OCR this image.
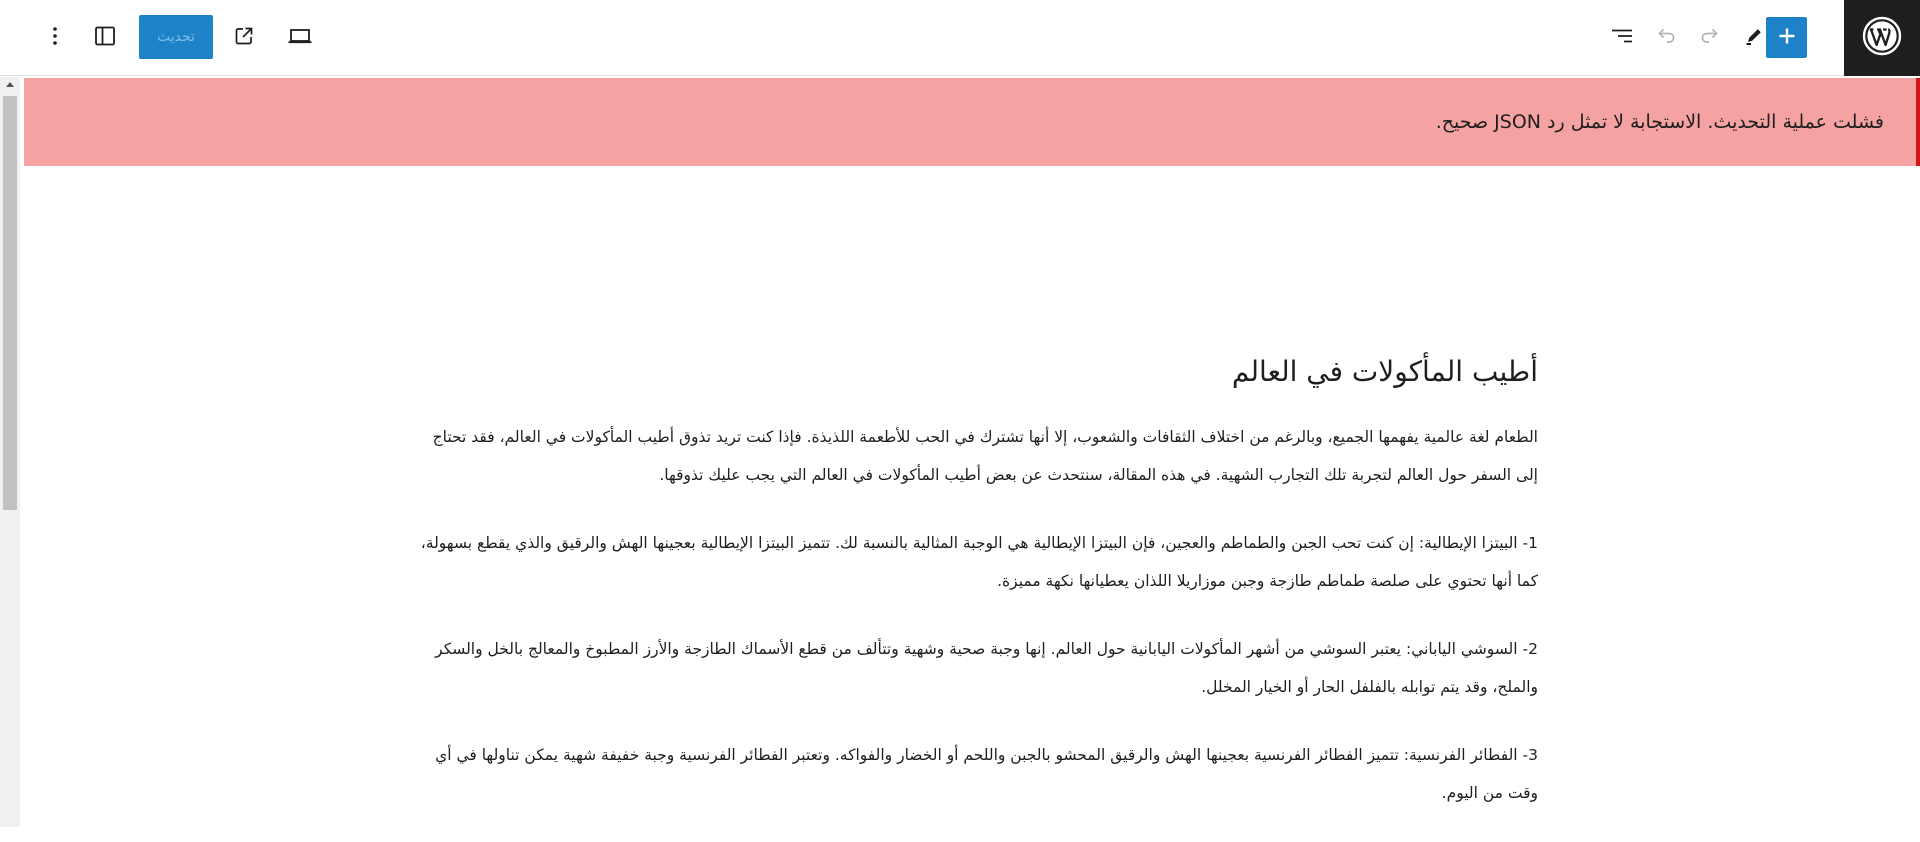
تحديث
فشلت عملية التحديث. الاستجابة لا تمثل رد JSON صحيح.
أطيب المأكولات في العالم

الطعام لغة عالمية يفهمها الجميع، وبالرغم من اختلاف الثقافات والشعوب، إلا أنها تشترك في الحب للأطعمة اللذيذة. فإذا كنت تريد تذوق أطيب المأكولات في العالم، فقد تحتاج إلى السفر حول العالم لتجربة تلك التجارب الشهية. في هذه المقالة، سنتحدث عن بعض أطيب المأكولات في العالم التي يجب عليك تذوقها.

1- البيتزا الإيطالية: إن كنت تحب الجبن والطماطم والعجين، فإن البيتزا الإيطالية هي الوجبة المثالية بالنسبة لك. تتميز البيتزا الإيطالية بعجينها الهش والرقيق والذي يقطع بسهولة، كما أنها تحتوي على صلصة طماطم طازجة وجبن موزاريلا اللذان يعطيانها نكهة مميزة.

2- السوشي الياباني: يعتبر السوشي من أشهر المأكولات اليابانية حول العالم. إنها وجبة صحية وشهية وتتألف من قطع الأسماك الطازجة والأرز المطبوخ والمعالج بالخل والسكر والملح، وقد يتم توابله بالفلفل الحار أو الخيار المخلل.

3- الفطائر الفرنسية: تتميز الفطائر الفرنسية بعجينها الهش والرقيق المحشو بالجبن واللحم أو الخضار والفواكه. وتعتبر الفطائر الفرنسية وجبة خفيفة شهية يمكن تناولها في أي وقت من اليوم.
